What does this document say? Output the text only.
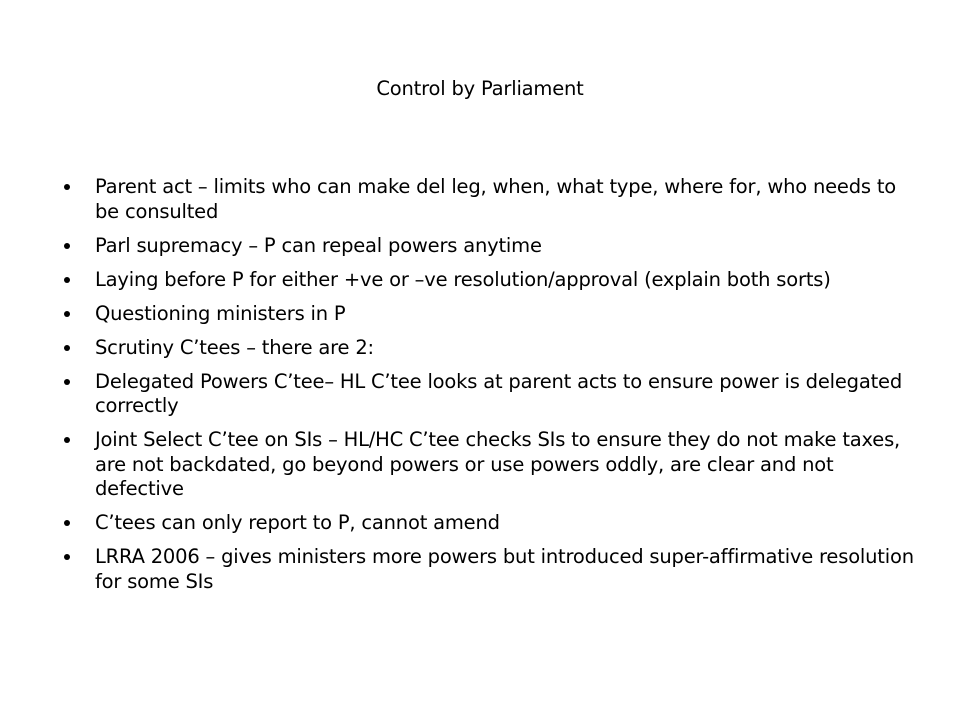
Control by Parliament
Parent act – limits who can make del leg, when, what type, where for, who needs to be consulted
Parl supremacy – P can repeal powers anytime
Laying before P for either +ve or –ve resolution/approval (explain both sorts)
Questioning ministers in P
Scrutiny C’tees – there are 2:
Delegated Powers C’tee– HL C’tee looks at parent acts to ensure power is delegated correctly
Joint Select C’tee on SIs – HL/HC C’tee checks SIs to ensure they do not make taxes, are not backdated, go beyond powers or use powers oddly, are clear and not defective
C’tees can only report to P, cannot amend
LRRA 2006 – gives ministers more powers but introduced super-affirmative resolution for some SIs
